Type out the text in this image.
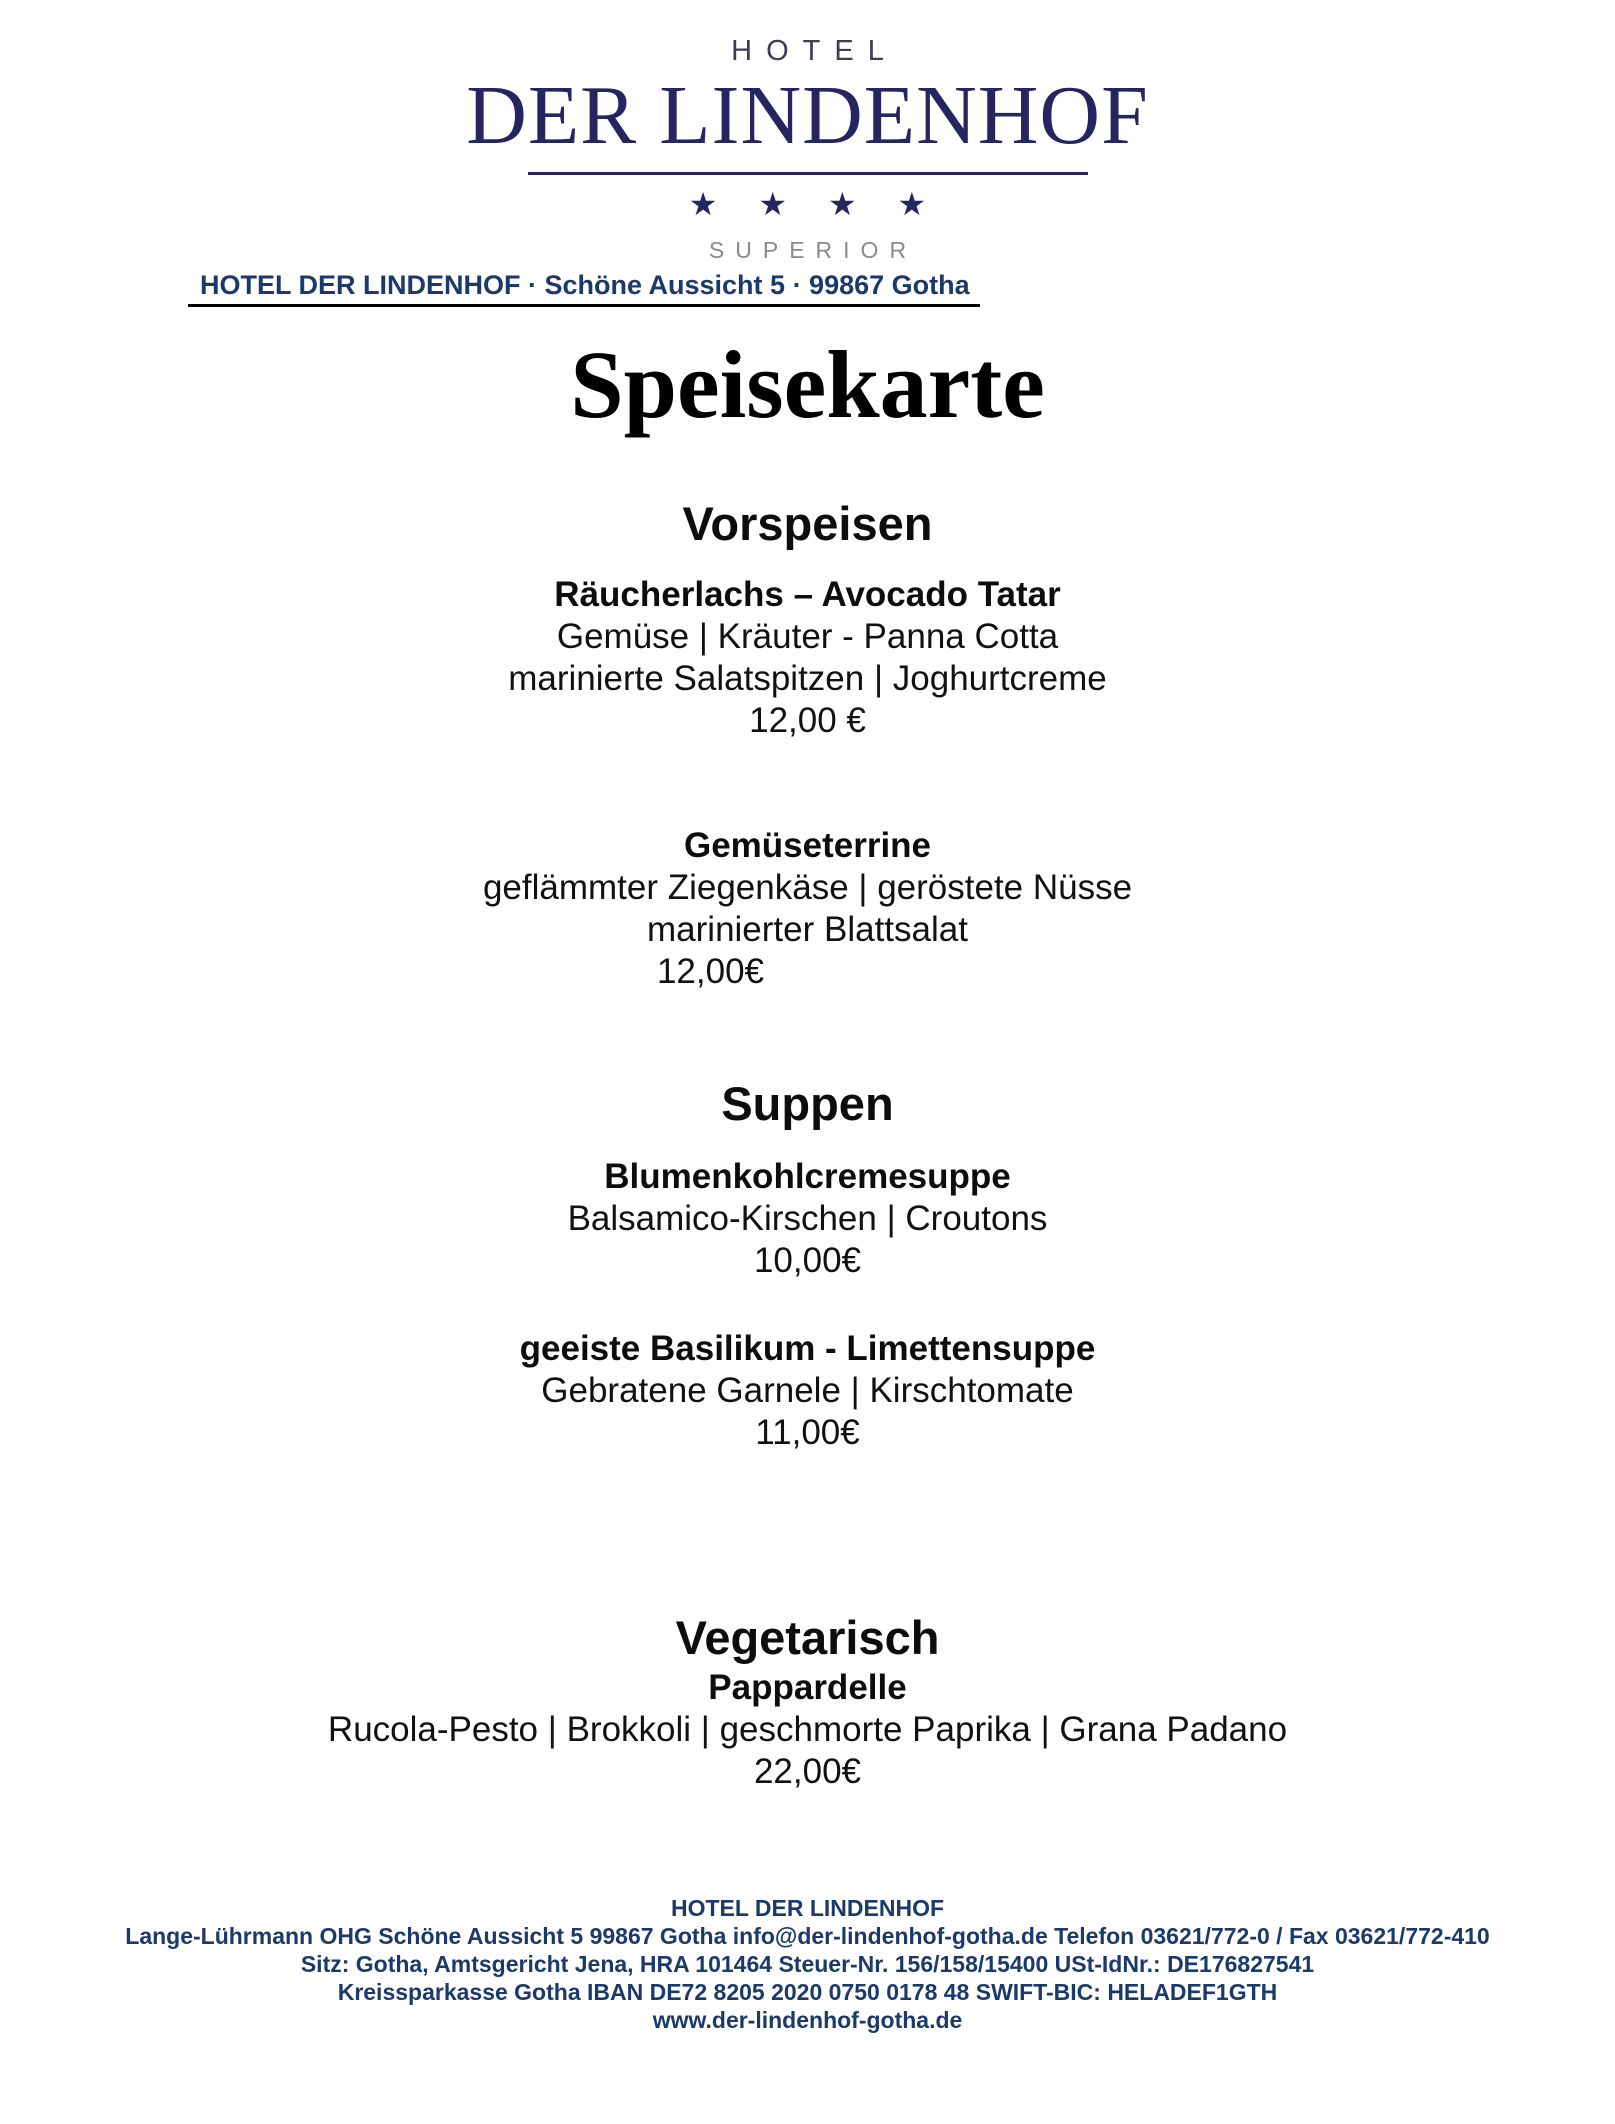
HOTEL
DER LINDENHOF
★ ★ ★ ★
SUPERIOR
HOTEL DER LINDENHOF · Schöne Aussicht 5 · 99867 Gotha
Speisekarte
Vorspeisen
Räucherlachs – Avocado Tatar
Gemüse | Kräuter - Panna Cotta
marinierte Salatspitzen | Joghurtcreme
12,00 €
Gemüseterrine
geflämmter Ziegenkäse | geröstete Nüsse
marinierter Blattsalat
12,00€
Suppen
Blumenkohlcremesuppe
Balsamico-Kirschen | Croutons
10,00€
geeiste Basilikum - Limettensuppe
Gebratene Garnele | Kirschtomate
11,00€
Vegetarisch
Pappardelle
Rucola-Pesto | Brokkoli | geschmorte Paprika | Grana Padano
22,00€
HOTEL DER LINDENHOF
Lange-Lührmann OHG Schöne Aussicht 5 99867 Gotha info@der-lindenhof-gotha.de Telefon 03621/772-0 / Fax 03621/772-410
Sitz: Gotha, Amtsgericht Jena, HRA 101464 Steuer-Nr. 156/158/15400 USt-IdNr.: DE176827541
Kreissparkasse Gotha IBAN DE72 8205 2020 0750 0178 48 SWIFT-BIC: HELADEF1GTH
www.der-lindenhof-gotha.de
